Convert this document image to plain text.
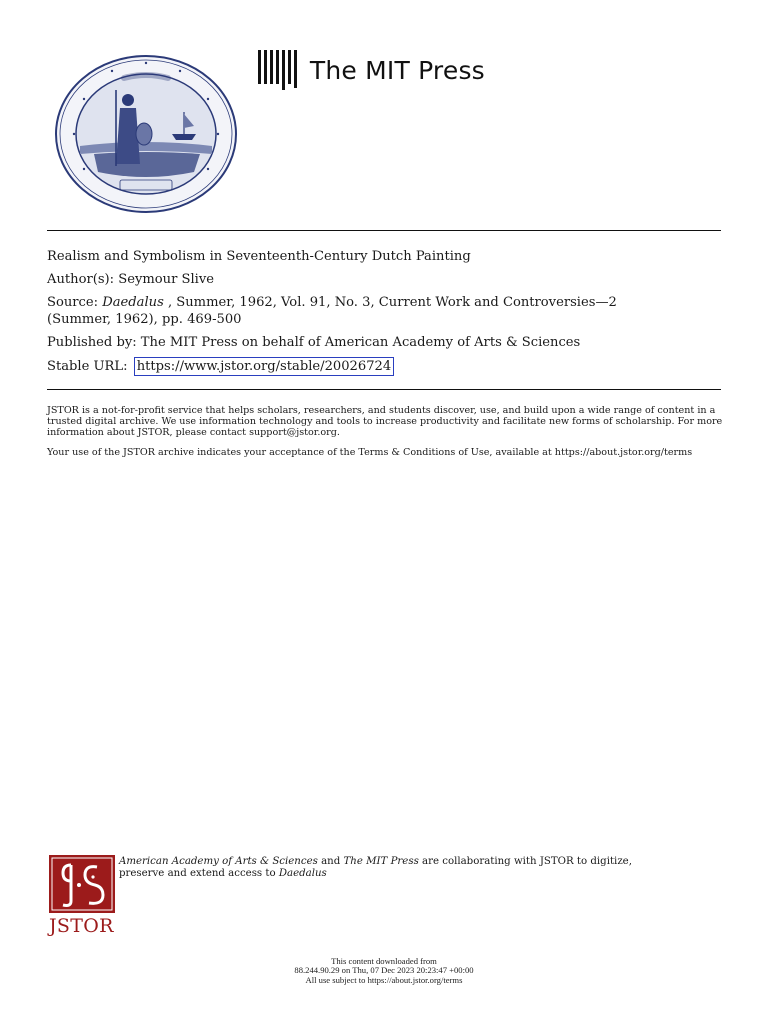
The MIT Press
Realism and Symbolism in Seventeenth-Century Dutch Painting
Author(s): Seymour Slive
Source: Daedalus , Summer, 1962, Vol. 91, No. 3, Current Work and Controversies—2
(Summer, 1962), pp. 469-500
Published by: The MIT Press on behalf of American Academy of Arts & Sciences
Stable URL: https://www.jstor.org/stable/20026724

JSTOR is a not-for-profit service that helps scholars, researchers, and students discover, use, and build upon a wide range of content in a trusted digital archive. We use information technology and tools to increase productivity and facilitate new forms of scholarship. For more information about JSTOR, please contact support@jstor.org.

Your use of the JSTOR archive indicates your acceptance of the Terms & Conditions of Use, available at https://about.jstor.org/terms

JSTOR
American Academy of Arts & Sciences and The MIT Press are collaborating with JSTOR to digitize, preserve and extend access to Daedalus
This content downloaded from
88.244.90.29 on Thu, 07 Dec 2023 20:23:47 +00:00
All use subject to https://about.jstor.org/terms
